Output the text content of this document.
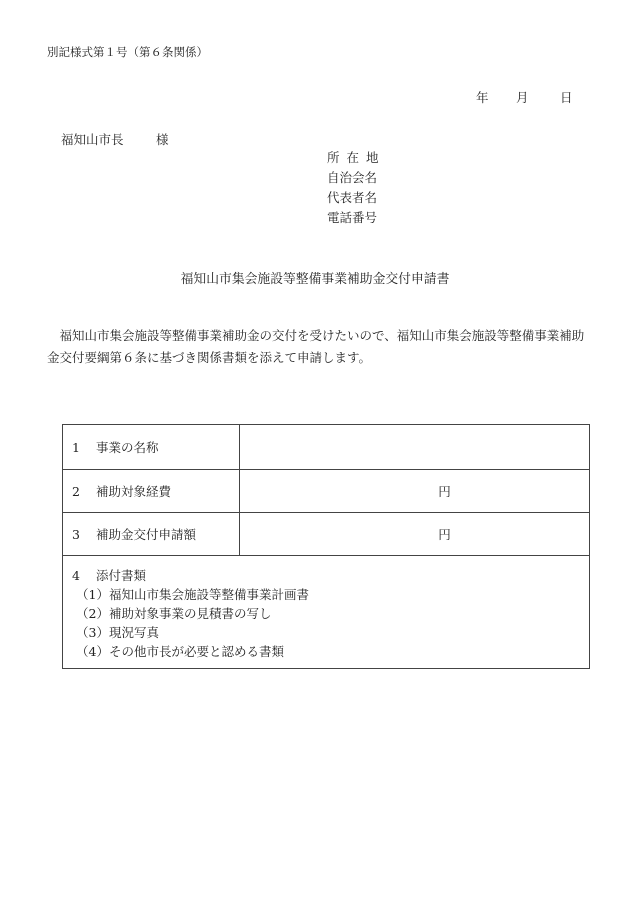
別記様式第１号（第６条関係）
年 月	日
福知山市長	様
所在地
自治会名
代表者名
電話番号
福知山市集会施設等整備事業補助金交付申請書

福知山市集会施設等整備事業補助金の交付を受けたいので、福知山市集会施設等整備事業補助金交付要綱第６条に基づき関係書類を添えて申請します。

1 事業の名称	
2 補助対象経費	円
3 補助金交付申請額	円

4 添付書類
（1）福知山市集会施設等整備事業計画書
（2）補助対象事業の見積書の写し
（3）現況写真
（4）その他市長が必要と認める書類	
